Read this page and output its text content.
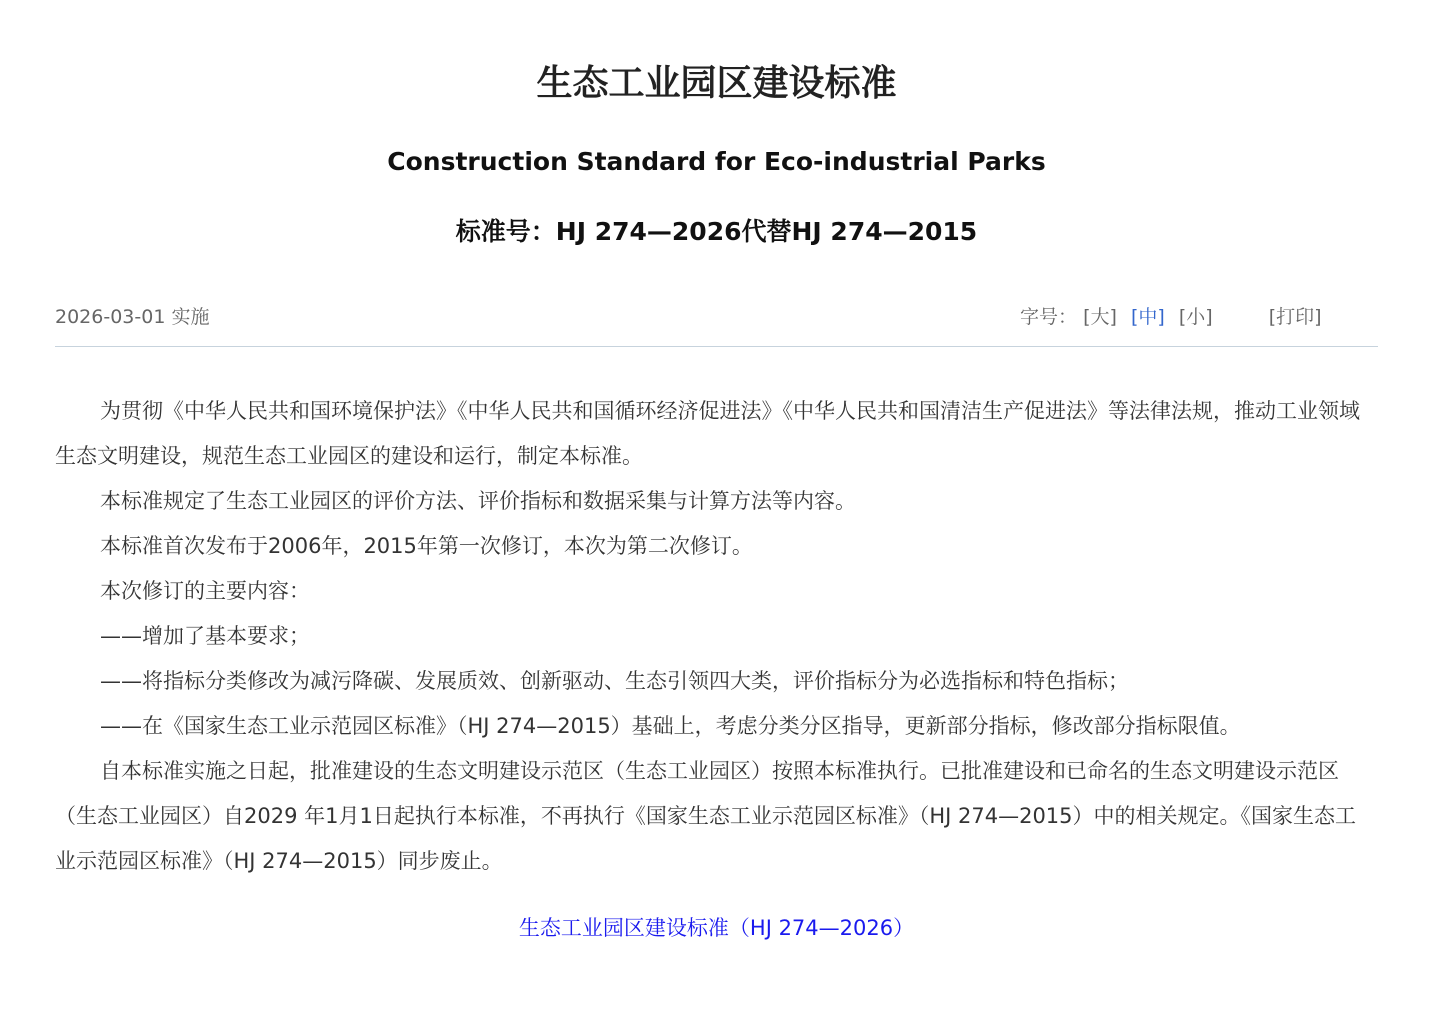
生态工业园区建设标准
Construction Standard for Eco-industrial Parks
标准号：HJ 274—2026代替HJ 274—2015
2026-03-01 实施	字号： [大] [中] [小]	[打印]

为贯彻《中华人民共和国环境保护法》《中华人民共和国循环经济促进法》《中华人民共和国清洁生产促进法》等法律法规，推动工业领域生态文明建设，规范生态工业园区的建设和运行，制定本标准。

本标准规定了生态工业园区的评价方法、评价指标和数据采集与计算方法等内容。

本标准首次发布于2006年，2015年第一次修订，本次为第二次修订。

本次修订的主要内容：

——增加了基本要求；

——将指标分类修改为减污降碳、发展质效、创新驱动、生态引领四大类，评价指标分为必选指标和特色指标；

——在《国家生态工业示范园区标准》（HJ 274—2015）基础上，考虑分类分区指导，更新部分指标，修改部分指标限值。

自本标准实施之日起，批准建设的生态文明建设示范区（生态工业园区）按照本标准执行。已批准建设和已命名的生态文明建设示范区（生态工业园区）自2029 年1月1日起执行本标准，不再执行《国家生态工业示范园区标准》（HJ 274—2015）中的相关规定。《国家生态工业示范园区标准》（HJ 274—2015）同步废止。

生态工业园区建设标准（HJ 274—2026）
